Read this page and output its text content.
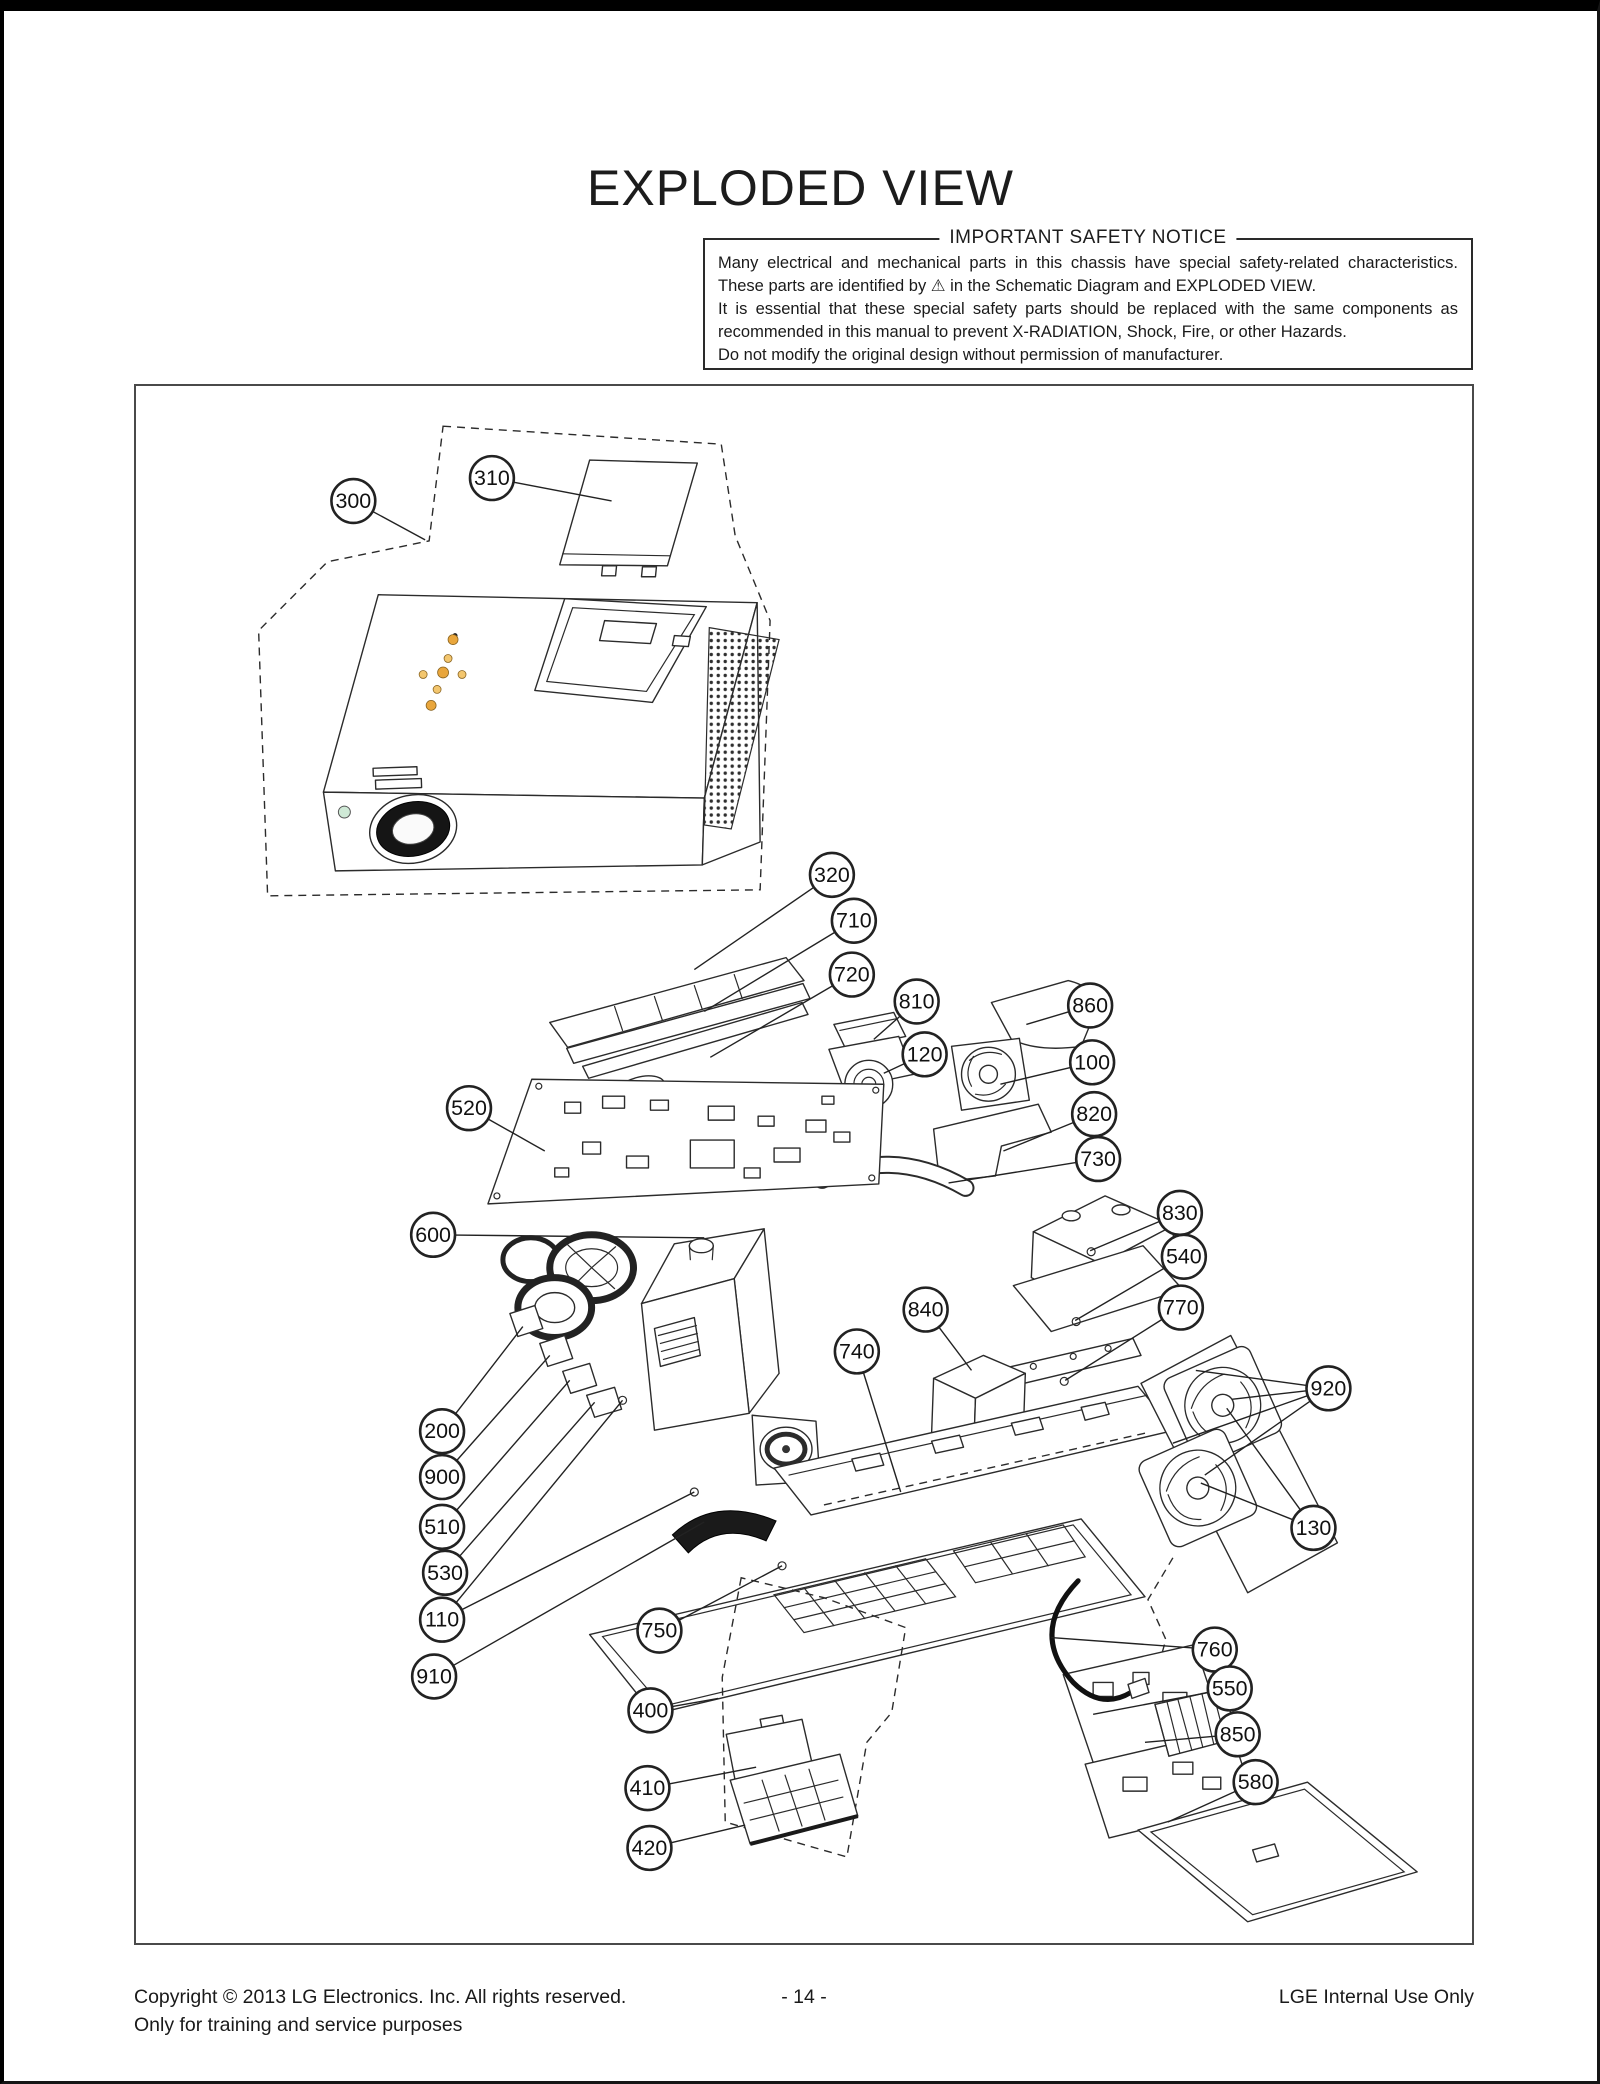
EXPLODED VIEW
IMPORTANT SAFETY NOTICE

Many electrical and mechanical parts in this chassis have special safety-related characteristics. These parts are identified by ⚠ in the Schematic Diagram and EXPLODED VIEW.

It is essential that these special safety parts should be replaced with the same components as recommended in this manual to prevent X-RADIATION, Shock, Fire, or other Hazards.

Do not modify the original design without permission of manufacturer.

300
310
320
710
720
810
120
860
100
820
730
520
600
830
540
770
840
740
920
130
200
900
510
530
110
910
750
400
410
420
760
550
850
580
Copyright © 2013 LG Electronics. Inc. All rights reserved.
Only for training and service purposes
- 14 -	LGE Internal Use Only
